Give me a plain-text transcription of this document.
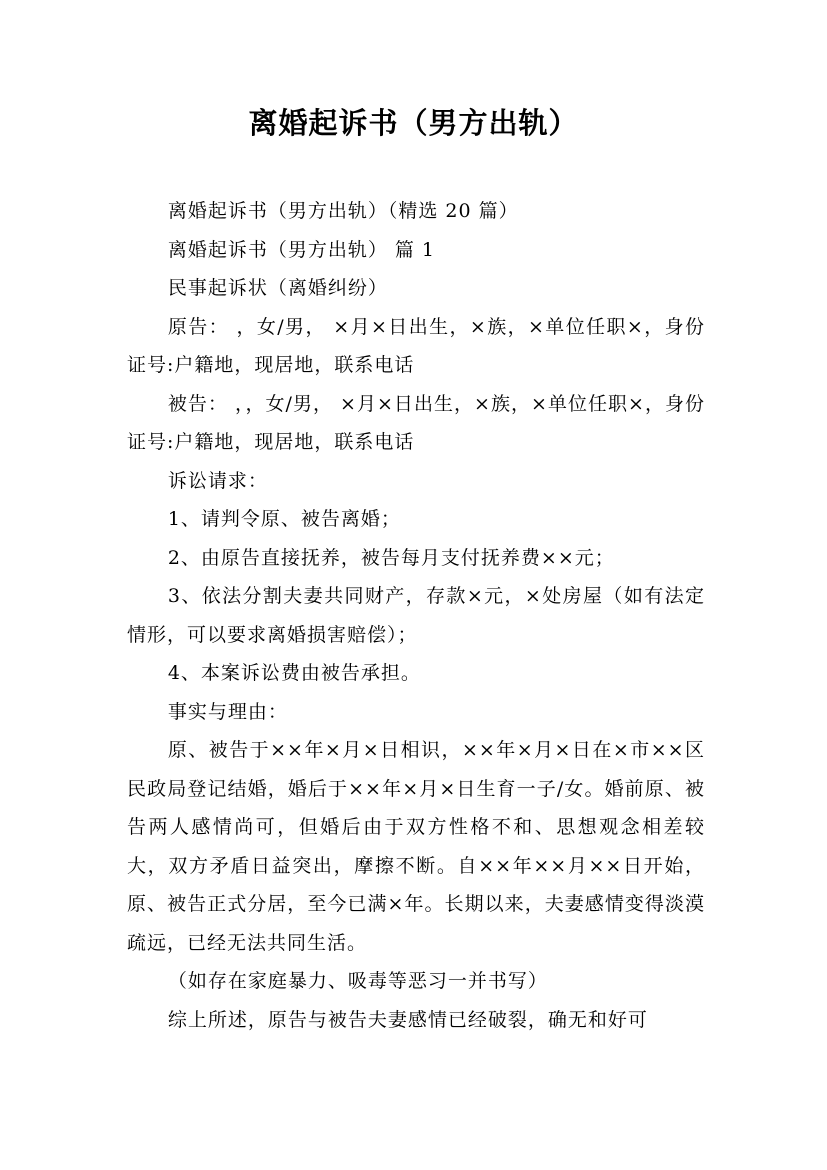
离婚起诉书（男方出轨）

离婚起诉书（男方出轨）（精选 20 篇）

离婚起诉书（男方出轨） 篇 1

民事起诉状（离婚纠纷）

原告： ，女/男， ×月×日出生，×族，×单位任职×，身份证号:户籍地，现居地，联系电话

被告： ，，女/男， ×月×日出生，×族，×单位任职×，身份证号:户籍地，现居地，联系电话

诉讼请求：

1、请判令原、被告离婚；

2、由原告直接抚养，被告每月支付抚养费××元；

3、依法分割夫妻共同财产，存款×元，×处房屋（如有法定情形，可以要求离婚损害赔偿）；

4、本案诉讼费由被告承担。

事实与理由：

原、被告于××年×月×日相识，××年×月×日在×市××区民政局登记结婚，婚后于××年×月×日生育一子/女。婚前原、被告两人感情尚可，但婚后由于双方性格不和、思想观念相差较大，双方矛盾日益突出，摩擦不断。自××年××月××日开始，原、被告正式分居，至今已满×年。长期以来，夫妻感情变得淡漠疏远，已经无法共同生活。

（如存在家庭暴力、吸毒等恶习一并书写）

综上所述，原告与被告夫妻感情已经破裂，确无和好可
